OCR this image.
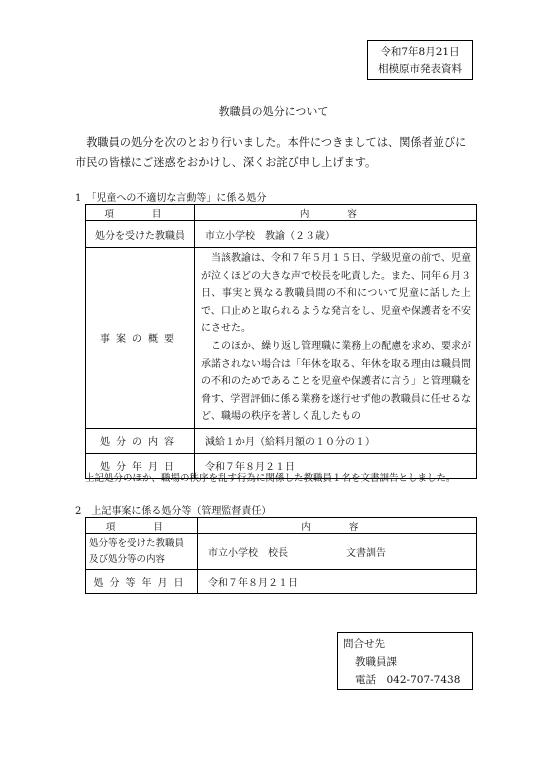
令和7年8月21日
相模原市発表資料
教職員の処分について
教職員の処分を次のとおり行いました。本件につきましては、関係者並びに市民の皆様にご迷惑をおかけし、深くお詫び申し上げます。
1　「児童への不適切な言動等」に係る処分
項　目	内　容
処分を受けた教職員	市立小学校　教諭（２３歳）
事案の概要	当該教諭は、令和７年５月１５日、学級児童の前で、児童が泣くほどの大きな声で校長を叱責した。また、同年６月３日、事実と異なる教職員間の不和について児童に話した上で、口止めと取られるような発言をし、児童や保護者を不安にさせた。

このほか、繰り返し管理職に業務上の配慮を求め、要求が承諾されない場合は「年休を取る、年休を取る理由は職員間の不和のためであることを児童や保護者に言う」と管理職を脅す、学習評価に係る業務を遂行せず他の教職員に任せるなど、職場の秩序を著しく乱したもの

処分の内容	減給１か月（給料月額の１０分の１）
処分年月日	令和７年８月２１日
上記処分のほか、職場の秩序を乱す行為に関係した教職員１名を文書訓告としました。
2　上記事案に係る処分等（管理監督責任）
項　目	内　容	

処分等を受けた教職員
及び処分等の内容	市立小学校　校長	文書訓告
処分等年月日	令和７年８月２１日	
問合せ先
教職員課
電話　042-707-7438
